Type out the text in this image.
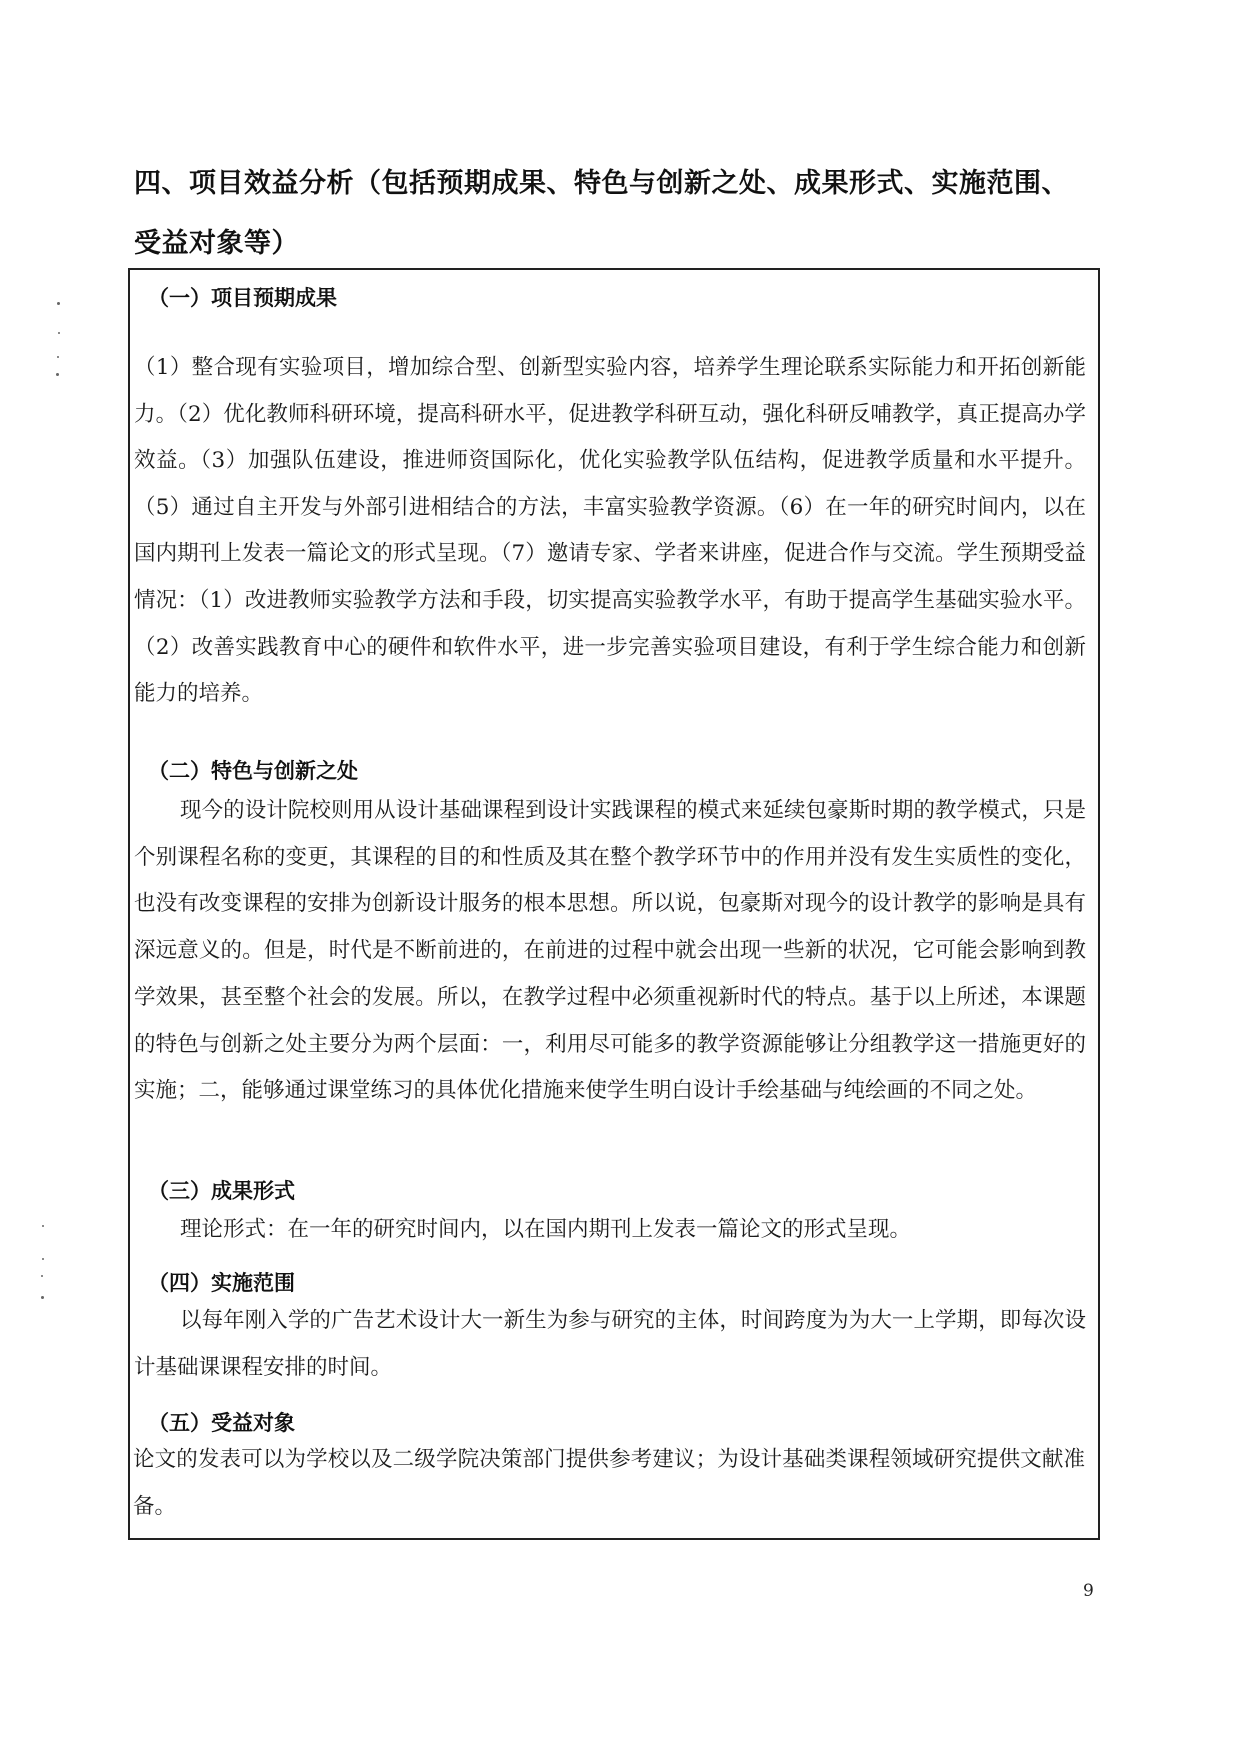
四、项目效益分析（包括预期成果、特色与创新之处、成果形式、实施范围、
受益对象等）
（一）项目预期成果
（1）整合现有实验项目，增加综合型、创新型实验内容，培养学生理论联系实际能力和开拓创新能力。（2）优化教师科研环境，提高科研水平，促进教学科研互动，强化科研反哺教学，真正提高办学效益。（3）加强队伍建设，推进师资国际化，优化实验教学队伍结构，促进教学质量和水平提升。（5）通过自主开发与外部引进相结合的方法，丰富实验教学资源。（6）在一年的研究时间内，以在国内期刊上发表一篇论文的形式呈现。（7）邀请专家、学者来讲座，促进合作与交流。学生预期受益情况：（1）改进教师实验教学方法和手段，切实提高实验教学水平，有助于提高学生基础实验水平。（2）改善实践教育中心的硬件和软件水平，进一步完善实验项目建设，有利于学生综合能力和创新能力的培养。
（二）特色与创新之处
现今的设计院校则用从设计基础课程到设计实践课程的模式来延续包豪斯时期的教学模式，只是个别课程名称的变更，其课程的目的和性质及其在整个教学环节中的作用并没有发生实质性的变化，也没有改变课程的安排为创新设计服务的根本思想。所以说，包豪斯对现今的设计教学的影响是具有深远意义的。但是，时代是不断前进的，在前进的过程中就会出现一些新的状况，它可能会影响到教学效果，甚至整个社会的发展。所以，在教学过程中必须重视新时代的特点。基于以上所述，本课题的特色与创新之处主要分为两个层面：一，利用尽可能多的教学资源能够让分组教学这一措施更好的实施；二，能够通过课堂练习的具体优化措施来使学生明白设计手绘基础与纯绘画的不同之处。
（三）成果形式
理论形式：在一年的研究时间内，以在国内期刊上发表一篇论文的形式呈现。
（四）实施范围
以每年刚入学的广告艺术设计大一新生为参与研究的主体，时间跨度为为大一上学期，即每次设计基础课课程安排的时间。
（五）受益对象
论文的发表可以为学校以及二级学院决策部门提供参考建议；为设计基础类课程领域研究提供文献准备。
9
